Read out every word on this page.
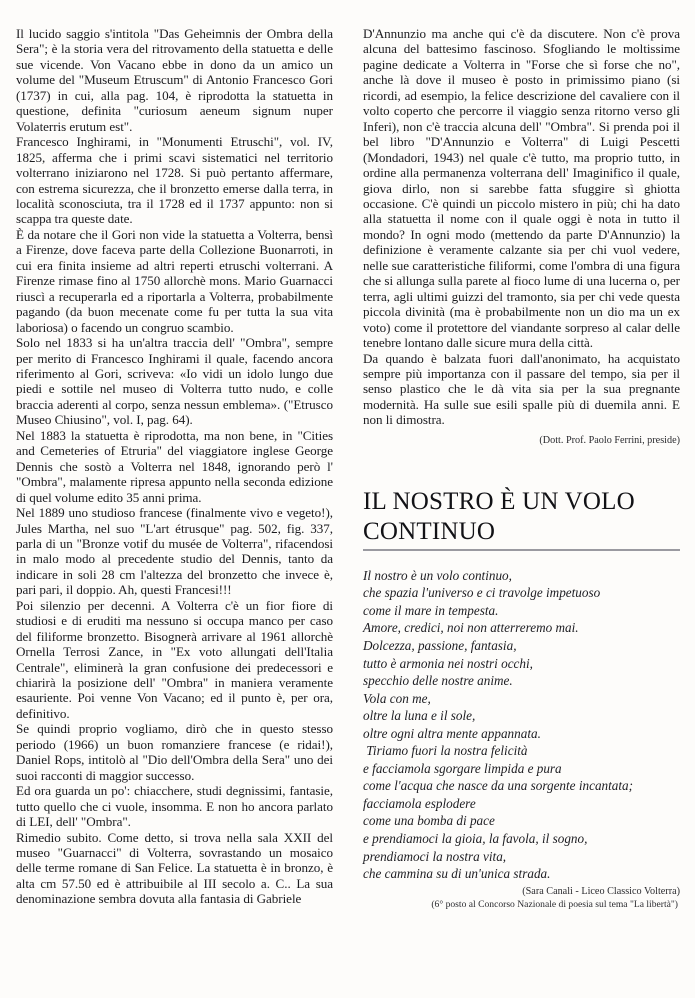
Il lucido saggio s'intitola "Das Geheimnis der Ombra della Sera"; è la storia vera del ritrovamento della statuetta e delle sue vicende. Von Vacano ebbe in dono da un amico un volume del "Museum Etruscum" di Antonio Francesco Gori (1737) in cui, alla pag. 104, è riprodotta la statuetta in questione, definita "curiosum aeneum signum nuper Volaterris erutum est".

Francesco Inghirami, in "Monumenti Etruschi", vol. IV, 1825, afferma che i primi scavi sistematici nel territorio volterrano iniziarono nel 1728. Si può pertanto affermare, con estrema sicurezza, che il bronzetto emerse dalla terra, in località sconosciuta, tra il 1728 ed il 1737 appunto: non si scappa tra queste date.

È da notare che il Gori non vide la statuetta a Volterra, bensì a Firenze, dove faceva parte della Collezione Buonarroti, in cui era finita insieme ad altri reperti etruschi volterrani. A Firenze rimase fino al 1750 allorchè mons. Mario Guarnacci riuscì a recuperarla ed a riportarla a Volterra, probabilmente pagando (da buon mecenate come fu per tutta la sua vita laboriosa) o facendo un congruo scambio.

Solo nel 1833 si ha un'altra traccia dell' "Ombra", sempre per merito di Francesco Inghirami il quale, facendo ancora riferimento al Gori, scriveva: «Io vidi un idolo lungo due piedi e sottile nel museo di Volterra tutto nudo, e colle braccia aderenti al corpo, senza nessun emblema». ("Etrusco Museo Chiusino", vol. I, pag. 64).

Nel 1883 la statuetta è riprodotta, ma non bene, in "Cities and Cemeteries of Etruria" del viaggiatore inglese George Dennis che sostò a Volterra nel 1848, ignorando però l' "Ombra", malamente ripresa appunto nella seconda edizione di quel volume edito 35 anni prima.

Nel 1889 uno studioso francese (finalmente vivo e vegeto!), Jules Martha, nel suo "L'art étrusque" pag. 502, fig. 337, parla di un "Bronze votif du musée de Volterra", rifacendosi in malo modo al precedente studio del Dennis, tanto da indicare in soli 28 cm l'altezza del bronzetto che invece è, pari pari, il doppio. Ah, questi Francesi!!!

Poi silenzio per decenni. A Volterra c'è un fior fiore di studiosi e di eruditi ma nessuno si occupa manco per caso del filiforme bronzetto. Bisognerà arrivare al 1961 allorchè Ornella Terrosi Zance, in "Ex voto allungati dell'Italia Centrale", eliminerà la gran confusione dei predecessori e chiarirà la posizione dell' "Ombra" in maniera veramente esauriente. Poi venne Von Vacano; ed il punto è, per ora, definitivo.

Se quindi proprio vogliamo, dirò che in questo stesso periodo (1966) un buon romanziere francese (e ridai!), Daniel Rops, intitolò al "Dio dell'Ombra della Sera" uno dei suoi racconti di maggior successo.

Ed ora guarda un po': chiacchere, studi degnissimi, fantasie, tutto quello che ci vuole, insomma. E non ho ancora parlato di LEI, dell' "Ombra".

Rimedio subito. Come detto, si trova nella sala XXII del museo "Guarnacci" di Volterra, sovrastando un mosaico delle terme romane di San Felice. La statuetta è in bronzo, è alta cm 57.50 ed è attribuibile al III secolo a. C.. La sua denominazione sembra dovuta alla fantasia di Gabriele

D'Annunzio ma anche qui c'è da discutere. Non c'è prova alcuna del battesimo fascinoso. Sfogliando le moltissime pagine dedicate a Volterra in "Forse che sì forse che no", anche là dove il museo è posto in primissimo piano (si ricordi, ad esempio, la felice descrizione del cavaliere con il volto coperto che percorre il viaggio senza ritorno verso gli Inferi), non c'è traccia alcuna dell' "Ombra". Si prenda poi il bel libro "D'Annunzio e Volterra" di Luigi Pescetti (Mondadori, 1943) nel quale c'è tutto, ma proprio tutto, in ordine alla permanenza volterrana dell' Imaginifico il quale, giova dirlo, non si sarebbe fatta sfuggire sì ghiotta occasione. C'è quindi un piccolo mistero in più; chi ha dato alla statuetta il nome con il quale oggi è nota in tutto il mondo? In ogni modo (mettendo da parte D'Annunzio) la definizione è veramente calzante sia per chi vuol vedere, nelle sue caratteristiche filiformi, come l'ombra di una figura che si allunga sulla parete al fioco lume di una lucerna o, per terra, agli ultimi guizzi del tramonto, sia per chi vede questa piccola divinità (ma è probabilmente non un dio ma un ex voto) come il protettore del viandante sorpreso al calar delle tenebre lontano dalle sicure mura della città.

Da quando è balzata fuori dall'anonimato, ha acquistato sempre più importanza con il passare del tempo, sia per il senso plastico che le dà vita sia per la sua pregnante modernità. Ha sulle sue esili spalle più di duemila anni. E non li dimostra.

(Dott. Prof. Paolo Ferrini, preside)

IL NOSTRO È UN VOLO
CONTINUO
Il nostro è un volo continuo,
che spazia l'universo e ci travolge impetuoso
come il mare in tempesta.
Amore, credici, noi non atterreremo mai.
Dolcezza, passione, fantasia,
tutto è armonia nei nostri occhi,
specchio delle nostre anime.
Vola con me,
oltre la luna e il sole,
oltre ogni altra mente appannata.
Tiriamo fuori la nostra felicità
e facciamola sgorgare limpida e pura
come l'acqua che nasce da una sorgente incantata;
facciamola esplodere
come una bomba di pace
e prendiamoci la gioia, la favola, il sogno,
prendiamoci la nostra vita,
che cammina su di un'unica strada.
(Sara Canali - Liceo Classico Volterra)
(6° posto al Concorso Nazionale di poesia sul tema "La libertà")
